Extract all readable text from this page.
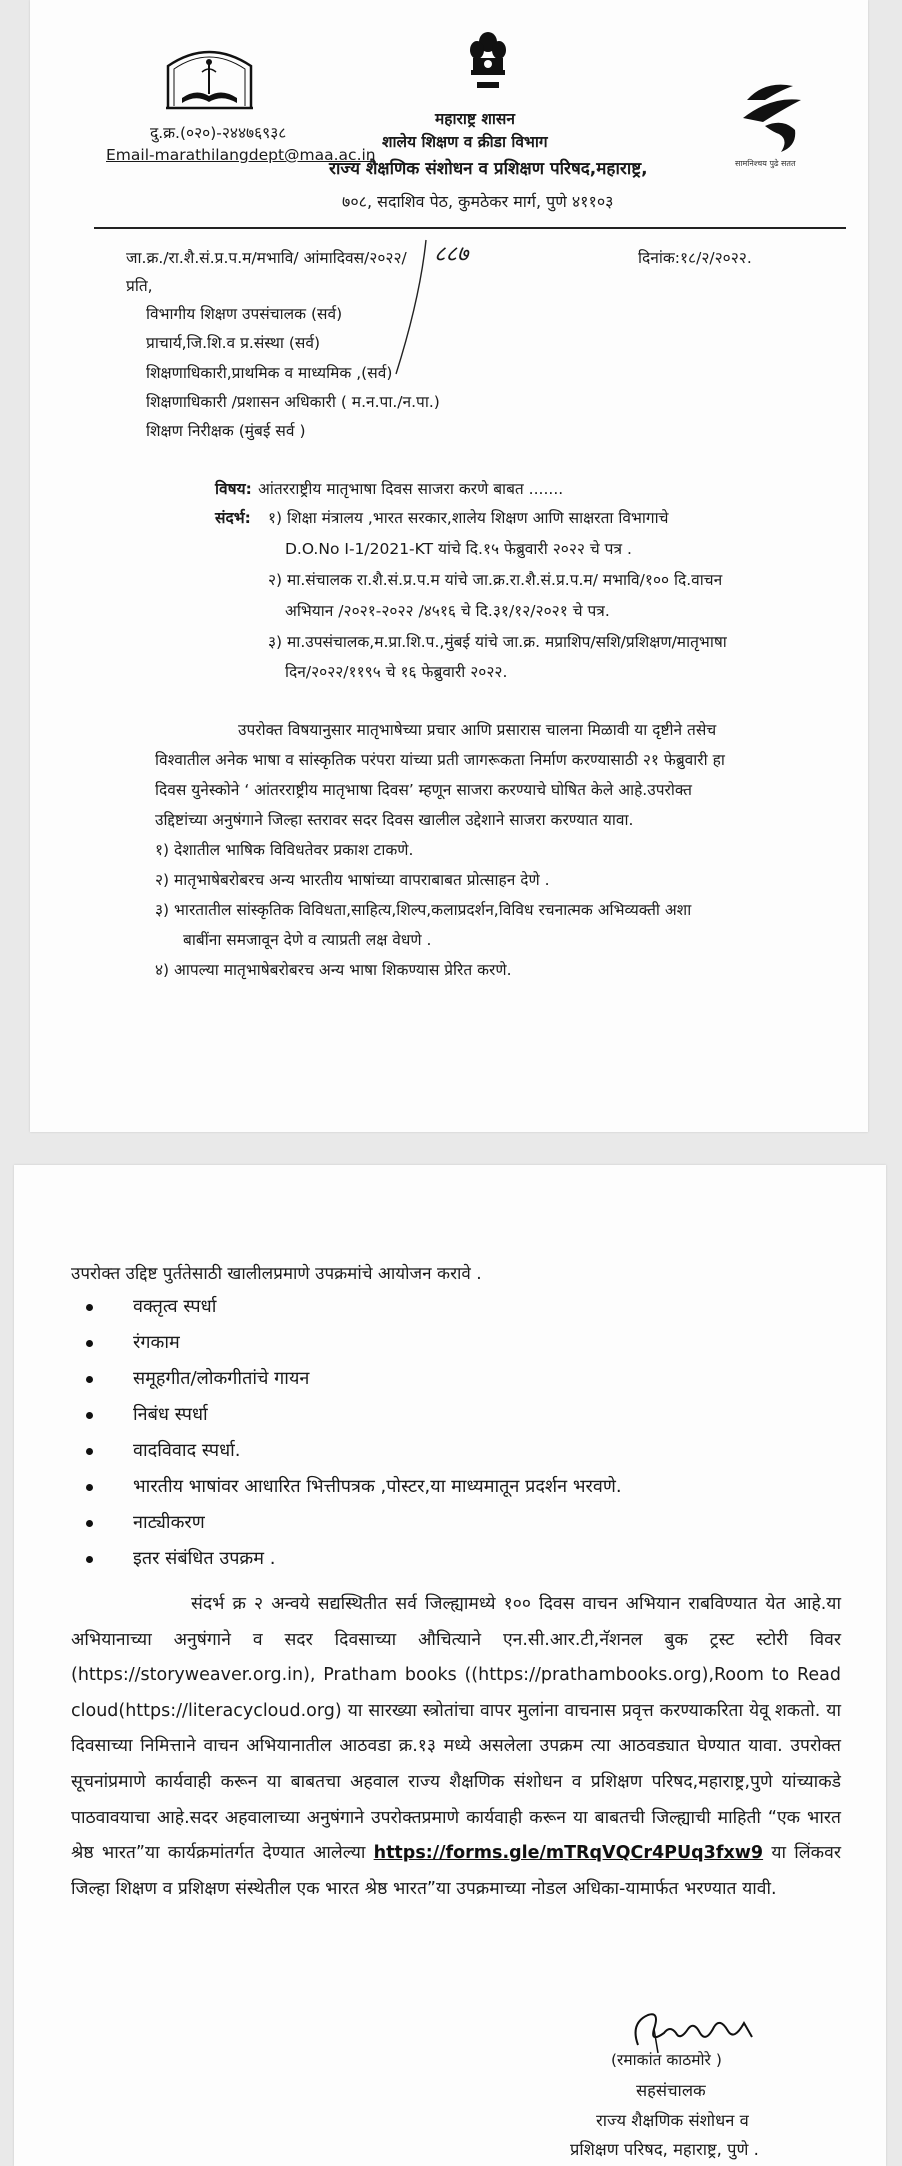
दु.क्र.(०२०)-२४४७६९३८
Email-marathilangdept@maa.ac.in
महाराष्ट्र शासन
शालेय शिक्षण व क्रीडा विभाग
राज्य शैक्षणिक संशोधन व प्रशिक्षण परिषद,महाराष्ट्र,
७०८, सदाशिव पेठ, कुमठेकर मार्ग, पुणे ४११०३
सामनिश्चय पुढे सतत
जा.क्र./रा.शै.सं.प्र.प.म/मभावि/ आंमादिवस/२०२२/ ८८७	दिनांक:१८/२/२०२२.
प्रति,
विभागीय शिक्षण उपसंचालक (सर्व)
प्राचार्य,जि.शि.व प्र.संस्था (सर्व)
शिक्षणाधिकारी,प्राथमिक व माध्यमिक ,(सर्व)
शिक्षणाधिकारी /प्रशासन अधिकारी ( म.न.पा./न.पा.)
शिक्षण निरीक्षक (मुंबई सर्व )
विषय: आंतरराष्ट्रीय मातृभाषा दिवस साजरा करणे बाबत .......
संदर्भ: १) शिक्षा मंत्रालय ,भारत सरकार,शालेय शिक्षण आणि साक्षरता विभागाचे
D.O.No I-1/2021-KT यांचे दि.१५ फेब्रुवारी २०२२ चे पत्र .
२) मा.संचालक रा.शै.सं.प्र.प.म यांचे जा.क्र.रा.शै.सं.प्र.प.म/ मभावि/१०० दि.वाचन
अभियान /२०२१-२०२२ /४५१६ चे दि.३१/१२/२०२१ चे पत्र.
३) मा.उपसंचालक,म.प्रा.शि.प.,मुंबई यांचे जा.क्र. मप्राशिप/सशि/प्रशिक्षण/मातृभाषा
दिन/२०२२/११९५ चे १६ फेब्रुवारी २०२२.
उपरोक्त विषयानुसार मातृभाषेच्या प्रचार आणि प्रसारास चालना मिळावी या दृष्टीने तसेच
विश्वातील अनेक भाषा व सांस्कृतिक परंपरा यांच्या प्रती जागरूकता निर्माण करण्यासाठी २१ फेब्रुवारी हा
दिवस युनेस्कोने ‘ आंतरराष्ट्रीय मातृभाषा दिवस’ म्हणून साजरा करण्याचे घोषित केले आहे.उपरोक्त
उद्दिष्टांच्या अनुषंगाने जिल्हा स्तरावर सदर दिवस खालील उद्देशाने साजरा करण्यात यावा.
१) देशातील भाषिक विविधतेवर प्रकाश टाकणे.
२) मातृभाषेबरोबरच अन्य भारतीय भाषांच्या वापराबाबत प्रोत्साहन देणे .
३) भारतातील सांस्कृतिक विविधता,साहित्य,शिल्प,कलाप्रदर्शन,विविध रचनात्मक अभिव्यक्ती अशा
बाबींना समजावून देणे व त्याप्रती लक्ष वेधणे .
४) आपल्या मातृभाषेबरोबरच अन्य भाषा शिकण्यास प्रेरित करणे.
उपरोक्त उद्दिष्ट पुर्ततेसाठी खालीलप्रमाणे उपक्रमांचे आयोजन करावे .
वक्तृत्व स्पर्धा
रंगकाम
समूहगीत/लोकगीतांचे गायन
निबंध स्पर्धा
वादविवाद स्पर्धा.
भारतीय भाषांवर आधारित भित्तीपत्रक ,पोस्टर,या माध्यमातून प्रदर्शन भरवणे.
नाट्यीकरण
इतर संबंधित उपक्रम .
संदर्भ क्र २ अन्वये सद्यस्थितीत सर्व जिल्ह्यामध्ये १०० दिवस वाचन अभियान राबविण्यात येत आहे.या अभियानाच्या अनुषंगाने व सदर दिवसाच्या औचित्याने एन.सी.आर.टी,नॅशनल बुक ट्रस्ट स्टोरी विवर (https://storyweaver.org.in), Pratham books ((https://prathambooks.org),Room to Read cloud(https://literacycloud.org) या सारख्या स्त्रोतांचा वापर मुलांना वाचनास प्रवृत्त करण्याकरिता येवू शकतो. या दिवसाच्या निमित्ताने वाचन अभियानातील आठवडा क्र.१३ मध्ये असलेला उपक्रम त्या आठवड्यात घेण्यात यावा. उपरोक्त सूचनांप्रमाणे कार्यवाही करून या बाबतचा अहवाल राज्य शैक्षणिक संशोधन व प्रशिक्षण परिषद,महाराष्ट्र,पुणे यांच्याकडे पाठवावयाचा आहे.सदर अहवालाच्या अनुषंगाने उपरोक्तप्रमाणे कार्यवाही करून या बाबतची जिल्ह्याची माहिती “एक भारत श्रेष्ठ भारत”या कार्यक्रमांतर्गत देण्यात आलेल्या https://forms.gle/mTRqVQCr4PUq3fxw9 या लिंकवर जिल्हा शिक्षण व प्रशिक्षण संस्थेतील एक भारत श्रेष्ठ भारत”या उपक्रमाच्या नोडल अधिका-यामार्फत भरण्यात यावी.
(रमाकांत काठमोरे )
सहसंचालक
राज्य शैक्षणिक संशोधन व
प्रशिक्षण परिषद, महाराष्ट्र, पुणे .
